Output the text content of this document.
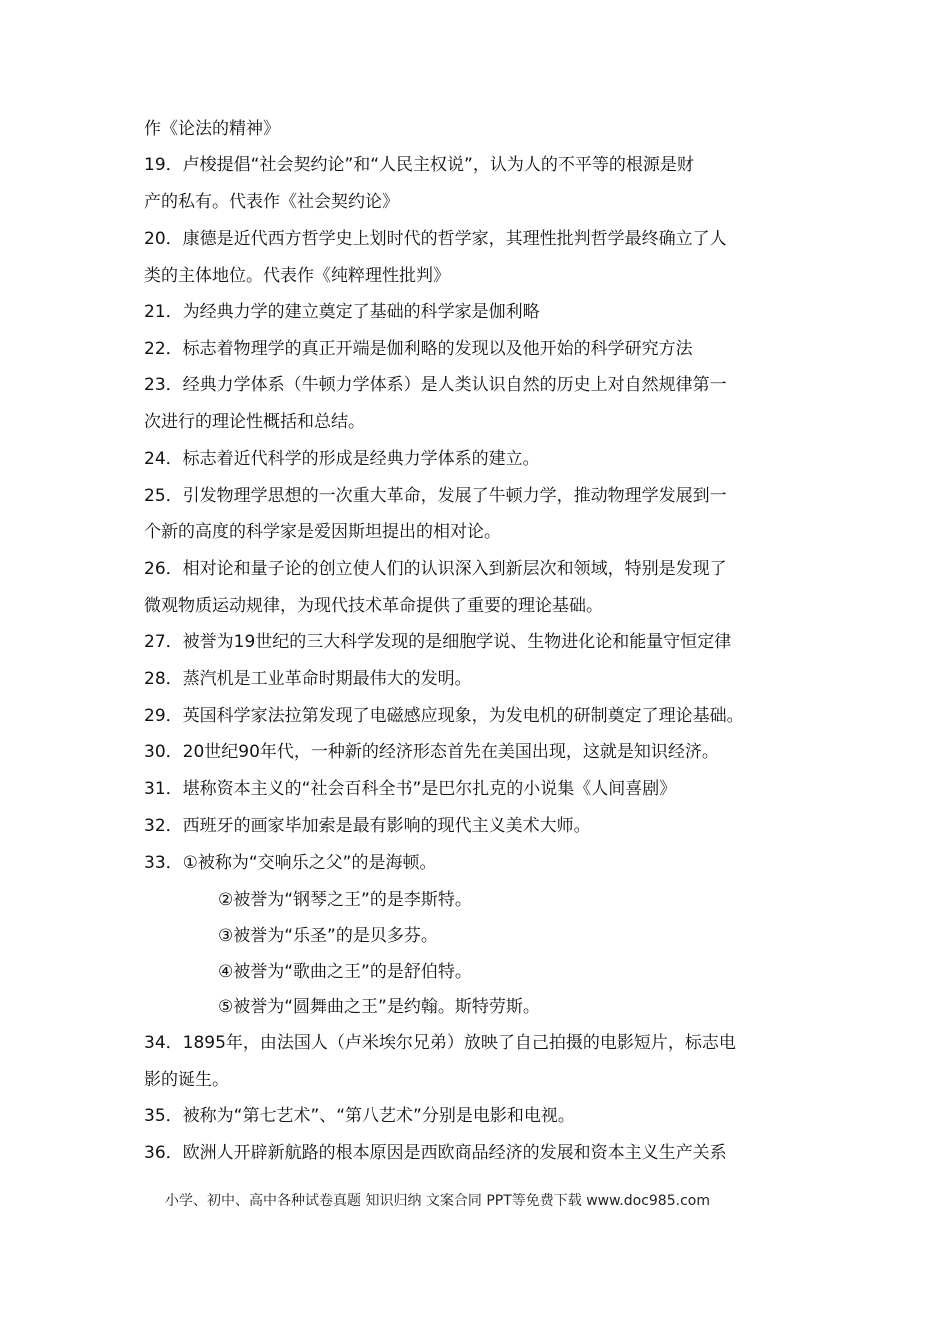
作《论法的精神》
19．卢梭提倡“社会契约论”和“人民主权说”，认为人的不平等的根源是财
产的私有。代表作《社会契约论》
20．康德是近代西方哲学史上划时代的哲学家，其理性批判哲学最终确立了人
类的主体地位。代表作《纯粹理性批判》
21．为经典力学的建立奠定了基础的科学家是伽利略
22．标志着物理学的真正开端是伽利略的发现以及他开始的科学研究方法
23．经典力学体系（牛顿力学体系）是人类认识自然的历史上对自然规律第一
次进行的理论性概括和总结。
24．标志着近代科学的形成是经典力学体系的建立。
25．引发物理学思想的一次重大革命，发展了牛顿力学，推动物理学发展到一
个新的高度的科学家是爱因斯坦提出的相对论。
26．相对论和量子论的创立使人们的认识深入到新层次和领域，特别是发现了
微观物质运动规律，为现代技术革命提供了重要的理论基础。
27．被誉为19世纪的三大科学发现的是细胞学说、生物进化论和能量守恒定律
28．蒸汽机是工业革命时期最伟大的发明。
29．英国科学家法拉第发现了电磁感应现象，为发电机的研制奠定了理论基础。
30．20世纪90年代，一种新的经济形态首先在美国出现，这就是知识经济。
31．堪称资本主义的“社会百科全书”是巴尔扎克的小说集《人间喜剧》
32．西班牙的画家毕加索是最有影响的现代主义美术大师。
33．①被称为“交响乐之父”的是海顿。
②被誉为“钢琴之王”的是李斯特。
③被誉为“乐圣”的是贝多芬。
④被誉为“歌曲之王”的是舒伯特。
⑤被誉为“圆舞曲之王”是约翰。斯特劳斯。
34．1895年，由法国人（卢米埃尔兄弟）放映了自己拍摄的电影短片，标志电
影的诞生。
35．被称为“第七艺术”、“第八艺术”分别是电影和电视。
36．欧洲人开辟新航路的根本原因是西欧商品经济的发展和资本主义生产关系
小学、初中、高中各种试卷真题 知识归纳 文案合同 PPT等免费下载 www.doc985.com
